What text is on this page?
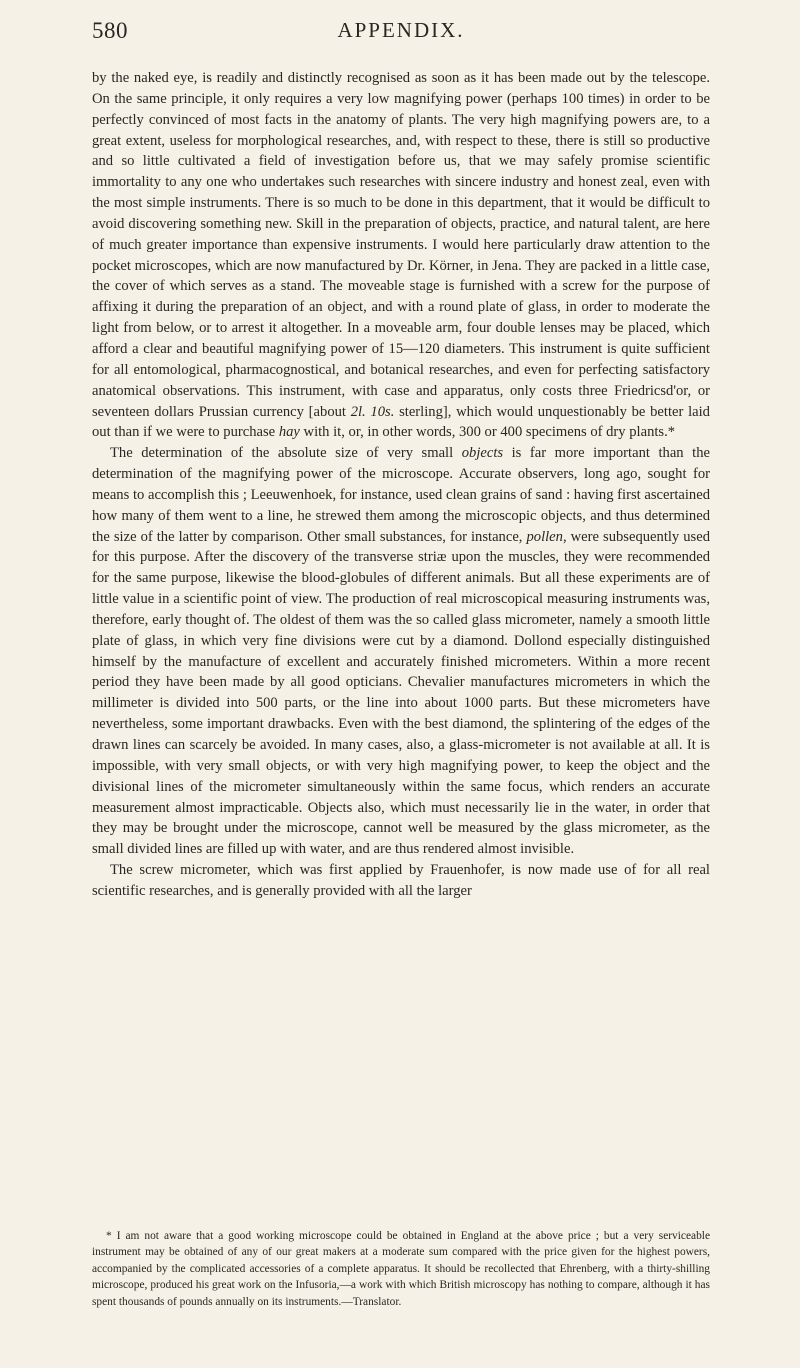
580	APPENDIX.

by the naked eye, is readily and distinctly recognised as soon as it has been made out by the telescope. On the same principle, it only requires a very low magnifying power (perhaps 100 times) in order to be perfectly convinced of most facts in the anatomy of plants. The very high magnifying powers are, to a great extent, useless for morphological researches, and, with respect to these, there is still so productive and so little cultivated a field of investigation before us, that we may safely promise scientific immortality to any one who undertakes such researches with sincere industry and honest zeal, even with the most simple instruments. There is so much to be done in this department, that it would be difficult to avoid discovering something new. Skill in the preparation of objects, practice, and natural talent, are here of much greater importance than expensive instruments. I would here particularly draw attention to the pocket microscopes, which are now manufactured by Dr. Körner, in Jena. They are packed in a little case, the cover of which serves as a stand. The moveable stage is furnished with a screw for the purpose of affixing it during the preparation of an object, and with a round plate of glass, in order to moderate the light from below, or to arrest it altogether. In a moveable arm, four double lenses may be placed, which afford a clear and beautiful magnifying power of 15—120 diameters. This instrument is quite sufficient for all entomological, pharmacognostical, and botanical researches, and even for perfecting satisfactory anatomical observations. This instrument, with case and apparatus, only costs three Friedricsd'or, or seventeen dollars Prussian currency [about 2l. 10s. sterling], which would unquestionably be better laid out than if we were to purchase hay with it, or, in other words, 300 or 400 specimens of dry plants.*

The determination of the absolute size of very small objects is far more important than the determination of the magnifying power of the microscope. Accurate observers, long ago, sought for means to accomplish this ; Leeuwenhoek, for instance, used clean grains of sand : having first ascertained how many of them went to a line, he strewed them among the microscopic objects, and thus determined the size of the latter by comparison. Other small substances, for instance, pollen, were subsequently used for this purpose. After the discovery of the transverse striæ upon the muscles, they were recommended for the same purpose, likewise the blood-globules of different animals. But all these experiments are of little value in a scientific point of view. The production of real microscopical measuring instruments was, therefore, early thought of. The oldest of them was the so called glass micrometer, namely a smooth little plate of glass, in which very fine divisions were cut by a diamond. Dollond especially distinguished himself by the manufacture of excellent and accurately finished micrometers. Within a more recent period they have been made by all good opticians. Chevalier manufactures micrometers in which the millimeter is divided into 500 parts, or the line into about 1000 parts. But these micrometers have nevertheless, some important drawbacks. Even with the best diamond, the splintering of the edges of the drawn lines can scarcely be avoided. In many cases, also, a glass-micrometer is not available at all. It is impossible, with very small objects, or with very high magnifying power, to keep the object and the divisional lines of the micrometer simultaneously within the same focus, which renders an accurate measurement almost impracticable. Objects also, which must necessarily lie in the water, in order that they may be brought under the microscope, cannot well be measured by the glass micrometer, as the small divided lines are filled up with water, and are thus rendered almost invisible.

The screw micrometer, which was first applied by Frauenhofer, is now made use of for all real scientific researches, and is generally provided with all the larger

* I am not aware that a good working microscope could be obtained in England at the above price ; but a very serviceable instrument may be obtained of any of our great makers at a moderate sum compared with the price given for the highest powers, accompanied by the complicated accessories of a complete apparatus. It should be recollected that Ehrenberg, with a thirty-shilling microscope, produced his great work on the Infusoria,—a work with which British microscopy has nothing to compare, although it has spent thousands of pounds annually on its instruments.—Translator.
